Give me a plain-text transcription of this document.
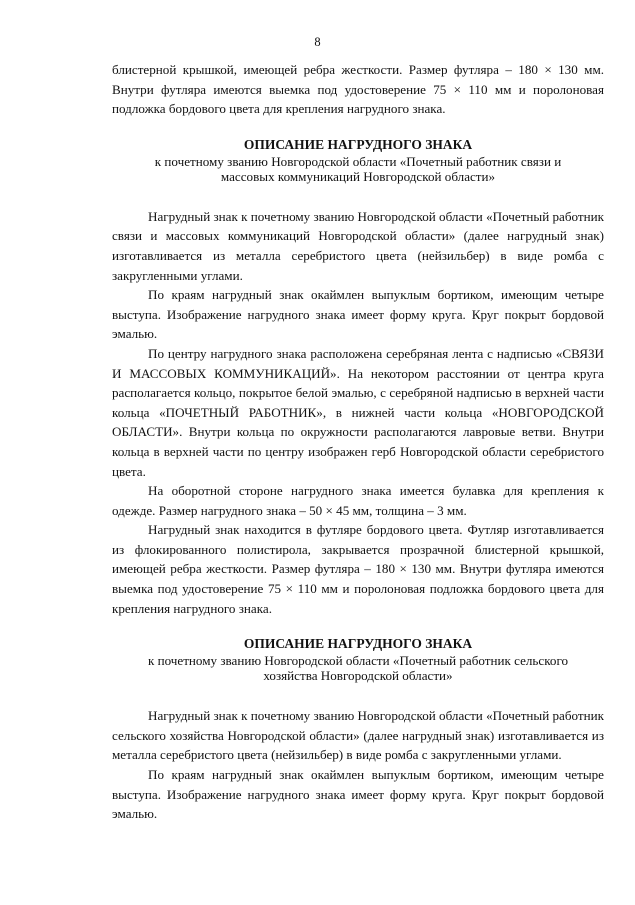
8

блистерной крышкой, имеющей ребра жесткости. Размер футляра – 180 × 130 мм. Внутри футляра имеются выемка под удостоверение 75 × 110 мм и поролоновая подложка бордового цвета для крепления нагрудного знака.

ОПИСАНИЕ НАГРУДНОГО ЗНАКА
к почетному званию Новгородской области «Почетный работник связи и
массовых коммуникаций Новгородской области»

Нагрудный знак к почетному званию Новгородской области «Почетный работник связи и массовых коммуникаций Новгородской области» (далее нагрудный знак) изготавливается из металла серебристого цвета (нейзильбер) в виде ромба с закругленными углами.

По краям нагрудный знак окаймлен выпуклым бортиком, имеющим четыре выступа. Изображение нагрудного знака имеет форму круга. Круг покрыт бордовой эмалью.

По центру нагрудного знака расположена серебряная лента с надписью «СВЯЗИ И МАССОВЫХ КОММУНИКАЦИЙ». На некотором расстоянии от центра круга располагается кольцо, покрытое белой эмалью, с серебряной надписью в верхней части кольца «ПОЧЕТНЫЙ РАБОТНИК», в нижней части кольца «НОВГОРОДСКОЙ ОБЛАСТИ». Внутри кольца по окружности располагаются лавровые ветви. Внутри кольца в верхней части по центру изображен герб Новгородской области серебристого цвета.

На оборотной стороне нагрудного знака имеется булавка для крепления к одежде. Размер нагрудного знака – 50 × 45 мм, толщина – 3 мм.

Нагрудный знак находится в футляре бордового цвета. Футляр изготавливается из флокированного полистирола, закрывается прозрачной блистерной крышкой, имеющей ребра жесткости. Размер футляра – 180 × 130 мм. Внутри футляра имеются выемка под удостоверение 75 × 110 мм и поролоновая подложка бордового цвета для крепления нагрудного знака.

ОПИСАНИЕ НАГРУДНОГО ЗНАКА
к почетному званию Новгородской области «Почетный работник сельского
хозяйства Новгородской области»

Нагрудный знак к почетному званию Новгородской области «Почетный работник сельского хозяйства Новгородской области» (далее нагрудный знак) изготавливается из металла серебристого цвета (нейзильбер) в виде ромба с закругленными углами.

По краям нагрудный знак окаймлен выпуклым бортиком, имеющим четыре выступа. Изображение нагрудного знака имеет форму круга. Круг покрыт бордовой эмалью.
